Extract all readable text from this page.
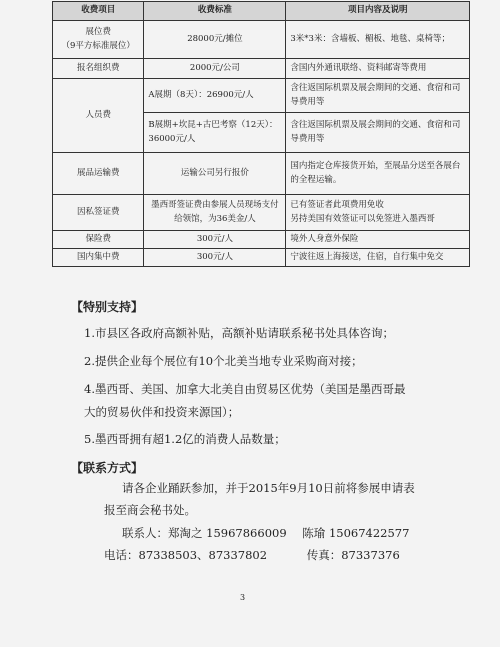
收费项目	收费标准	项目内容及说明

展位费
（9平方标准展位）	28000元/摊位	3米*3米：含墙板、楣板、地毯、桌椅等；
报名组织费	2000元/公司	含国内外通讯联络、资料邮寄等费用
人员费	A展期（8天）：26900元/人	含往返国际机票及展会期间的交通、食宿和司导费用等
	B展期+坎昆+古巴考察（12天）：36000元/人	含往返国际机票及展会期间的交通、食宿和司导费用等
展品运输费	运输公司另行报价	国内指定仓库接货开始，至展品分送至各展台的全程运输。
因私签证费	墨西哥签证费由参展人员现场支付给领馆，为36美金/人	已有签证者此项费用免收
另持美国有效签证可以免签进入墨西哥
保险费	300元/人	境外人身意外保险
国内集中费	300元/人	宁波往返上海接送，住宿，自行集中免交
【特别支持】
1.市县区各政府高额补贴，高额补贴请联系秘书处具体咨询；
2.提供企业每个展位有10个北美当地专业采购商对接；
4.墨西哥、美国、加拿大北美自由贸易区优势（美国是墨西哥最
大的贸易伙伴和投资来源国）；
5.墨西哥拥有超1.2亿的消费人品数量；
【联系方式】
请各企业踊跃参加，并于2015年9月10日前将参展申请表
报至商会秘书处。
联系人：郑淘之 15967866009 陈瑜 15067422577
电话：87338503、87337802	传真：87337376
3
